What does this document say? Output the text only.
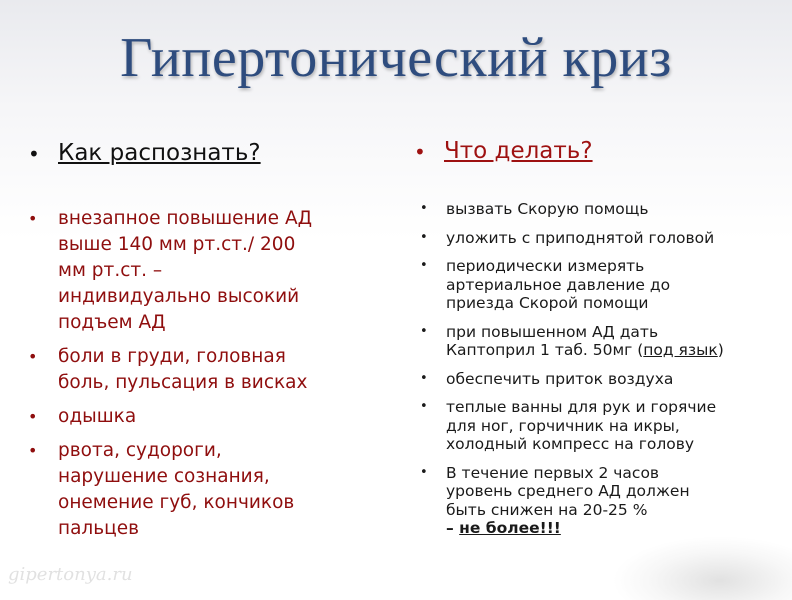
Гипертонический криз
• Как распознать?
• внезапное повышение АД
выше 140 мм рт.ст./ 200
мм рт.ст. –
индивидуально высокий
подъем АД
• боли в груди, головная
боль, пульсация в висках
• одышка
• рвота, судороги,
нарушение сознания,
онемение губ, кончиков
пальцев
• Что делать?
• вызвать Скорую помощь
• уложить с приподнятой головой
• периодически измерять
артериальное давление до
приезда Скорой помощи
• при повышенном АД дать
Каптоприл 1 таб. 50мг (под язык)
• обеспечить приток воздуха
• теплые ванны для рук и горячие
для ног, горчичник на икры,
холодный компресс на голову
• В течение первых 2 часов
уровень среднего АД должен
быть снижен на 20-25 %
– не более!!!
gipertonya.ru
